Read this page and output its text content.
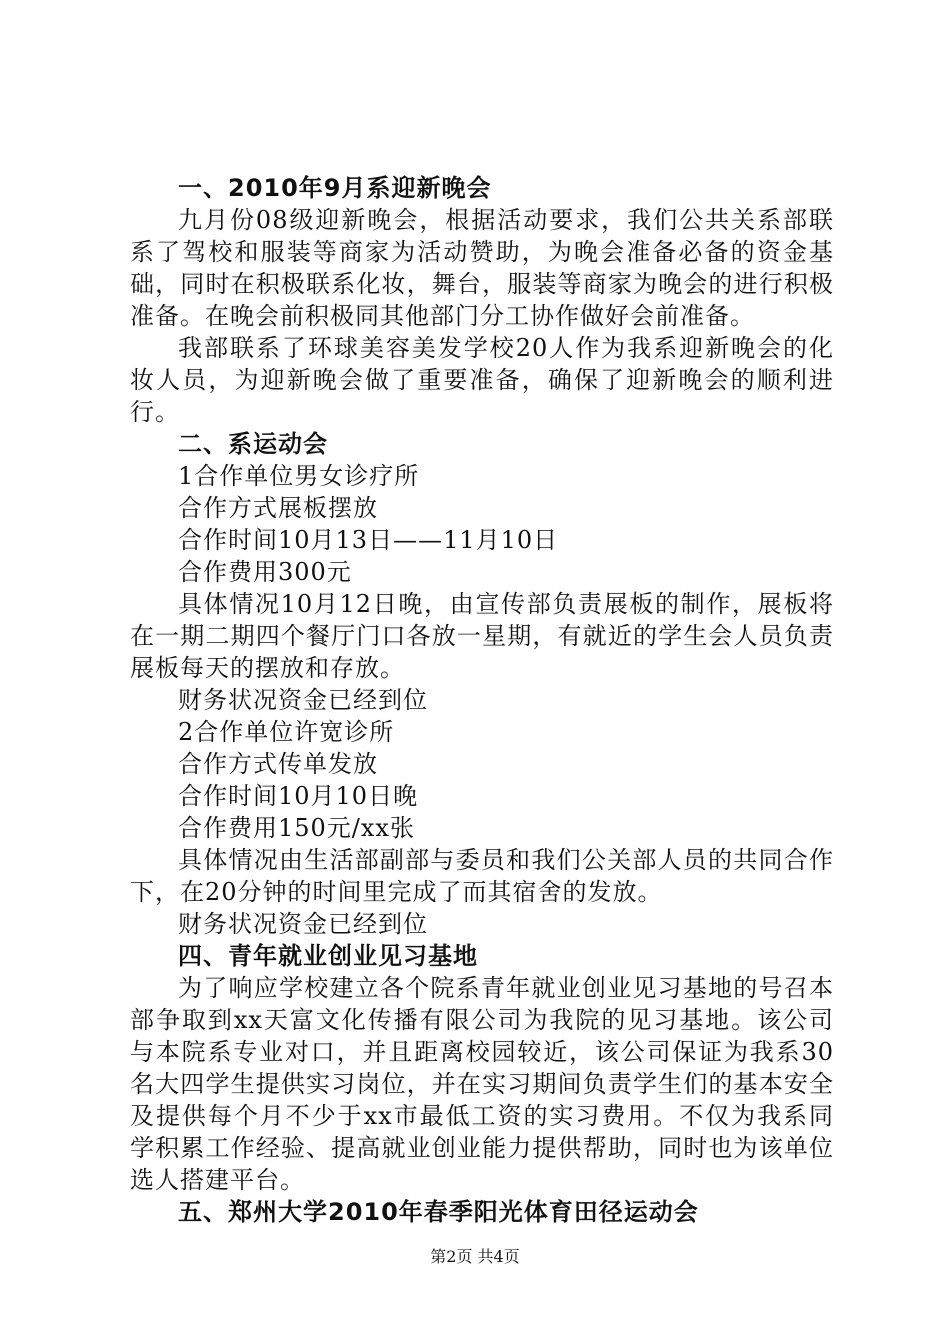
一、2010年9月系迎新晚会

九月份08级迎新晚会，根据活动要求，我们公共关系部联系了驾校和服装等商家为活动赞助，为晚会准备必备的资金基础，同时在积极联系化妆，舞台，服装等商家为晚会的进行积极准备。在晚会前积极同其他部门分工协作做好会前准备。

我部联系了环球美容美发学校20人作为我系迎新晚会的化妆人员，为迎新晚会做了重要准备，确保了迎新晚会的顺利进行。

二、系运动会

1合作单位男女诊疗所

合作方式展板摆放

合作时间10月13日——11月10日

合作费用300元

具体情况10月12日晚，由宣传部负责展板的制作，展板将在一期二期四个餐厅门口各放一星期，有就近的学生会人员负责展板每天的摆放和存放。

财务状况资金已经到位

2合作单位许宽诊所

合作方式传单发放

合作时间10月10日晚

合作费用150元/xx张

具体情况由生活部副部与委员和我们公关部人员的共同合作下，在20分钟的时间里完成了而其宿舍的发放。

财务状况资金已经到位

四、青年就业创业见习基地

为了响应学校建立各个院系青年就业创业见习基地的号召本部争取到xx天富文化传播有限公司为我院的见习基地。该公司与本院系专业对口，并且距离校园较近，该公司保证为我系30名大四学生提供实习岗位，并在实习期间负责学生们的基本安全及提供每个月不少于xx市最低工资的实习费用。不仅为我系同学积累工作经验、提高就业创业能力提供帮助，同时也为该单位选人搭建平台。

五、郑州大学2010年春季阳光体育田径运动会

第2页 共4页
